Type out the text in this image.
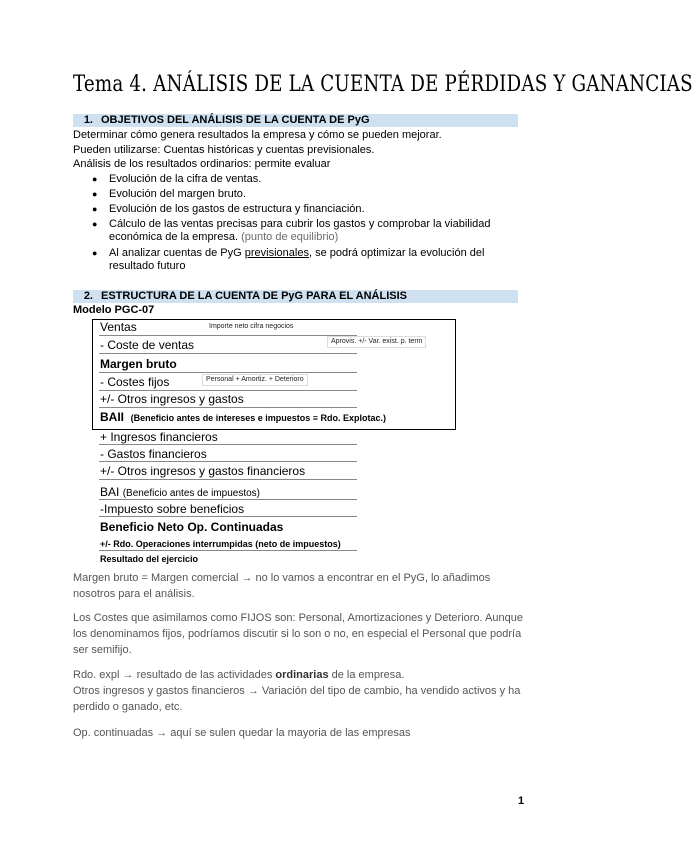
Tema 4. ANÁLISIS DE LA CUENTA DE PÉRDIDAS Y GANANCIAS
1. OBJETIVOS DEL ANÁLISIS DE LA CUENTA DE PyG
Determinar cómo genera resultados la empresa y cómo se pueden mejorar.
Pueden utilizarse: Cuentas históricas y cuentas previsionales.
Análisis de los resultados ordinarios: permite evaluar
● Evolución de la cifra de ventas.
● Evolución del margen bruto.
● Evolución de los gastos de estructura y financiación.
● Cálculo de las ventas precisas para cubrir los gastos y comprobar la viabilidad
económica de la empresa. (punto de equilibrio)
● Al analizar cuentas de PyG previsionales, se podrá optimizar la evolución del
resultado futuro
2. ESTRUCTURA DE LA CUENTA DE PyG PARA EL ANÁLISIS
Modelo PGC-07
Ventas	Importe neto cifra negocios
- Coste de ventas	Aprovis. +/- Var. exist. p. term
Margen bruto
- Costes fijos	Personal + Amortiz. + Deterioro
+/- Otros ingresos y gastos
BAII (Beneficio antes de intereses e impuestos ≡ Rdo. Explotac.)
+ Ingresos financieros
- Gastos financieros
+/- Otros ingresos y gastos financieros
BAI (Beneficio antes de impuestos)
-Impuesto sobre beneficios
Beneficio Neto Op. Continuadas
+/- Rdo. Operaciones interrumpidas (neto de impuestos)
Resultado del ejercicio
Margen bruto = Margen comercial → no lo vamos a encontrar en el PyG, lo añadimos
nosotros para el análisis.
Los Costes que asimilamos como FIJOS son: Personal, Amortizaciones y Deterioro. Aunque
los denominamos fijos, podríamos discutir si lo son o no, en especial el Personal que podría
ser semifijo.
Rdo. expl → resultado de las actividades ordinarias de la empresa.
Otros ingresos y gastos financieros → Variación del tipo de cambio, ha vendido activos y ha
perdido o ganado, etc.
Op. continuadas → aquí se sulen quedar la mayoria de las empresas
1
